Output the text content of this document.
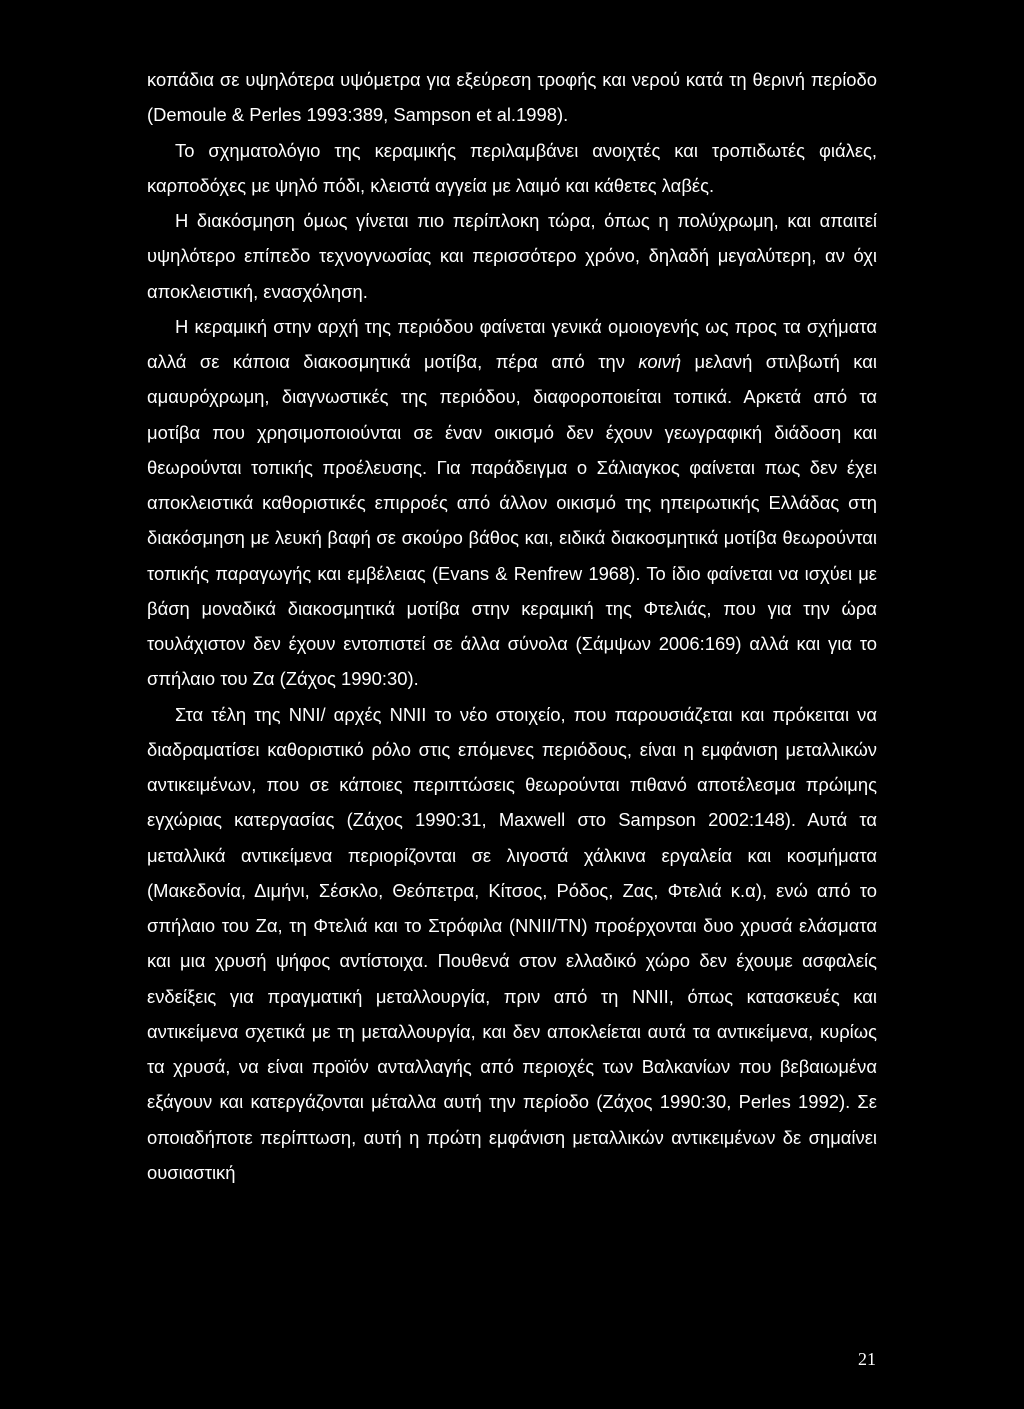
κοπάδια σε υψηλότερα υψόμετρα για εξεύρεση τροφής και νερού κατά τη θερινή περίοδο (Demoule & Perles 1993:389, Sampson et al.1998).

Το σχηματολόγιο της κεραμικής περιλαμβάνει ανοιχτές και τροπιδωτές φιάλες, καρποδόχες με ψηλό πόδι, κλειστά αγγεία με λαιμό και κάθετες λαβές.

Η διακόσμηση όμως γίνεται πιο περίπλοκη τώρα, όπως η πολύχρωμη, και απαιτεί υψηλότερο επίπεδο τεχνογνωσίας και περισσότερο χρόνο, δηλαδή μεγαλύτερη, αν όχι αποκλειστική, ενασχόληση.

Η κεραμική στην αρχή της περιόδου φαίνεται γενικά ομοιογενής ως προς τα σχήματα αλλά σε κάποια διακοσμητικά μοτίβα, πέρα από την κοινή μελανή στιλβωτή και αμαυρόχρωμη, διαγνωστικές της περιόδου, διαφοροποιείται τοπικά. Αρκετά από τα μοτίβα που χρησιμοποιούνται σε έναν οικισμό δεν έχουν γεωγραφική διάδοση και θεωρούνται τοπικής προέλευσης. Για παράδειγμα ο Σάλιαγκος φαίνεται πως δεν έχει αποκλειστικά καθοριστικές επιρροές από άλλον οικισμό της ηπειρωτικής Ελλάδας στη διακόσμηση με λευκή βαφή σε σκούρο βάθος και, ειδικά διακοσμητικά μοτίβα θεωρούνται τοπικής παραγωγής και εμβέλειας (Evans & Renfrew 1968). Το ίδιο φαίνεται να ισχύει με βάση μοναδικά διακοσμητικά μοτίβα στην κεραμική της Φτελιάς, που για την ώρα τουλάχιστον δεν έχουν εντοπιστεί σε άλλα σύνολα (Σάμψων 2006:169) αλλά και για το σπήλαιο του Ζα (Ζάχος 1990:30).

Στα τέλη της ΝΝΙ/ αρχές ΝΝΙΙ το νέο στοιχείο, που παρουσιάζεται και πρόκειται να διαδραματίσει καθοριστικό ρόλο στις επόμενες περιόδους, είναι η εμφάνιση μεταλλικών αντικειμένων, που σε κάποιες περιπτώσεις θεωρούνται πιθανό αποτέλεσμα πρώιμης εγχώριας κατεργασίας (Ζάχος 1990:31, Maxwell στο Sampson 2002:148). Αυτά τα μεταλλικά αντικείμενα περιορίζονται σε λιγοστά χάλκινα εργαλεία και κοσμήματα (Μακεδονία, Διμήνι, Σέσκλο, Θεόπετρα, Κίτσος, Ρόδος, Ζας, Φτελιά κ.α), ενώ από το σπήλαιο του Ζα, τη Φτελιά και το Στρόφιλα (ΝΝΙΙ/ΤΝ) προέρχονται δυο χρυσά ελάσματα και μια χρυσή ψήφος αντίστοιχα. Πουθενά στον ελλαδικό χώρο δεν έχουμε ασφαλείς ενδείξεις για πραγματική μεταλλουργία, πριν από τη ΝΝΙΙ, όπως κατασκευές και αντικείμενα σχετικά με τη μεταλλουργία, και δεν αποκλείεται αυτά τα αντικείμενα, κυρίως τα χρυσά, να είναι προϊόν ανταλλαγής από περιοχές των Βαλκανίων που βεβαιωμένα εξάγουν και κατεργάζονται μέταλλα αυτή την περίοδο (Ζάχος 1990:30, Perles 1992). Σε οποιαδήποτε περίπτωση, αυτή η πρώτη εμφάνιση μεταλλικών αντικειμένων δε σημαίνει ουσιαστική

21
